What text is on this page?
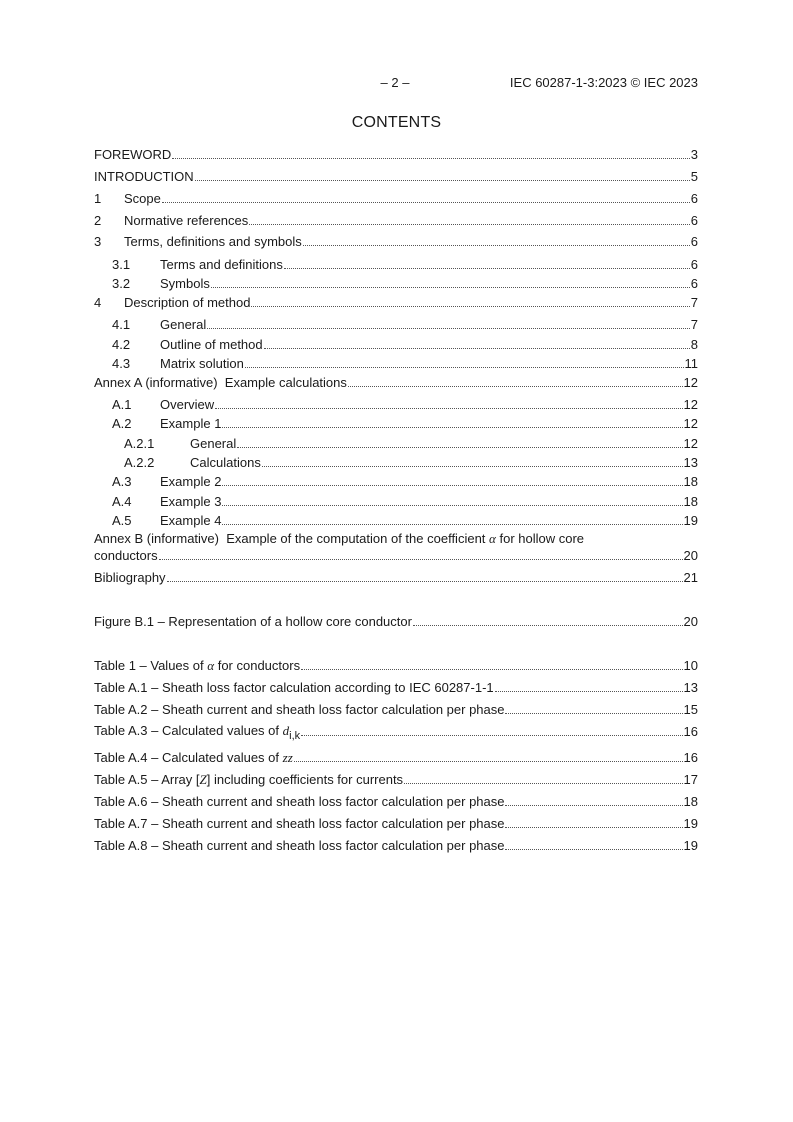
– 2 –	IEC 60287-1-3:2023 © IEC 2023
CONTENTS
FOREWORD	3
INTRODUCTION	5
1	Scope	6
2	Normative references	6
3	Terms, definitions and symbols	6
3.1	Terms and definitions	6
3.2	Symbols	6
4	Description of method	7
4.1	General	7
4.2	Outline of method	8
4.3	Matrix solution	11
Annex A (informative)  Example calculations	12
A.1	Overview	12
A.2	Example 1	12
A.2.1	General	12
A.2.2	Calculations	13
A.3	Example 2	18
A.4	Example 3	18
A.5	Example 4	19
Annex B (informative)  Example of the computation of the coefficient α for hollow core
conductors	20
Bibliography	21
Figure B.1 – Representation of a hollow core conductor	20
Table 1 – Values of α for conductors	10
Table A.1 – Sheath loss factor calculation according to IEC 60287-1-1	13
Table A.2 – Sheath current and sheath loss factor calculation per phase	15
Table A.3 – Calculated values of $d_{i,k}$	16
Table A.4 – Calculated values of zz	16
Table A.5 – Array [Z] including coefficients for currents	17
Table A.6 – Sheath current and sheath loss factor calculation per phase	18
Table A.7 – Sheath current and sheath loss factor calculation per phase	19
Table A.8 – Sheath current and sheath loss factor calculation per phase	19
